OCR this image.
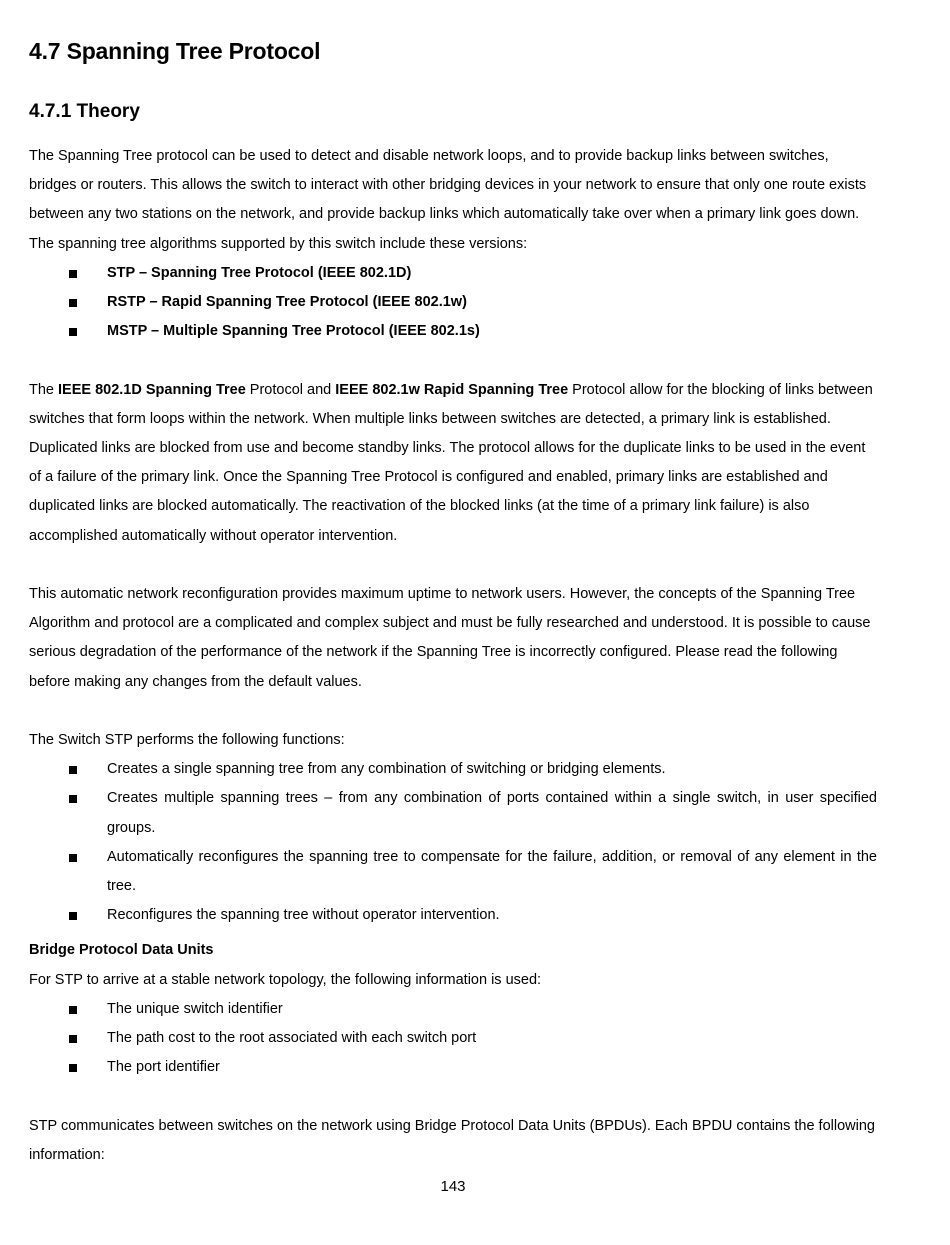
4.7 Spanning Tree Protocol
4.7.1 Theory

The Spanning Tree protocol can be used to detect and disable network loops, and to provide backup links between switches, bridges or routers. This allows the switch to interact with other bridging devices in your network to ensure that only one route exists between any two stations on the network, and provide backup links which automatically take over when a primary link goes down. The spanning tree algorithms supported by this switch include these versions:

STP – Spanning Tree Protocol (IEEE 802.1D)
RSTP – Rapid Spanning Tree Protocol (IEEE 802.1w)
MSTP – Multiple Spanning Tree Protocol (IEEE 802.1s)

The IEEE 802.1D Spanning Tree Protocol and IEEE 802.1w Rapid Spanning Tree Protocol allow for the blocking of links between switches that form loops within the network. When multiple links between switches are detected, a primary link is established. Duplicated links are blocked from use and become standby links. The protocol allows for the duplicate links to be used in the event of a failure of the primary link. Once the Spanning Tree Protocol is configured and enabled, primary links are established and duplicated links are blocked automatically. The reactivation of the blocked links (at the time of a primary link failure) is also accomplished automatically without operator intervention.

This automatic network reconfiguration provides maximum uptime to network users. However, the concepts of the Spanning Tree Algorithm and protocol are a complicated and complex subject and must be fully researched and understood. It is possible to cause serious degradation of the performance of the network if the Spanning Tree is incorrectly configured. Please read the following before making any changes from the default values.

The Switch STP performs the following functions:

Creates a single spanning tree from any combination of switching or bridging elements.
Creates multiple spanning trees – from any combination of ports contained within a single switch, in user specified groups.
Automatically reconfigures the spanning tree to compensate for the failure, addition, or removal of any element in the tree.
Reconfigures the spanning tree without operator intervention.
Bridge Protocol Data Units

For STP to arrive at a stable network topology, the following information is used:

The unique switch identifier
The path cost to the root associated with each switch port
The port identifier

STP communicates between switches on the network using Bridge Protocol Data Units (BPDUs). Each BPDU contains the following information:

143
